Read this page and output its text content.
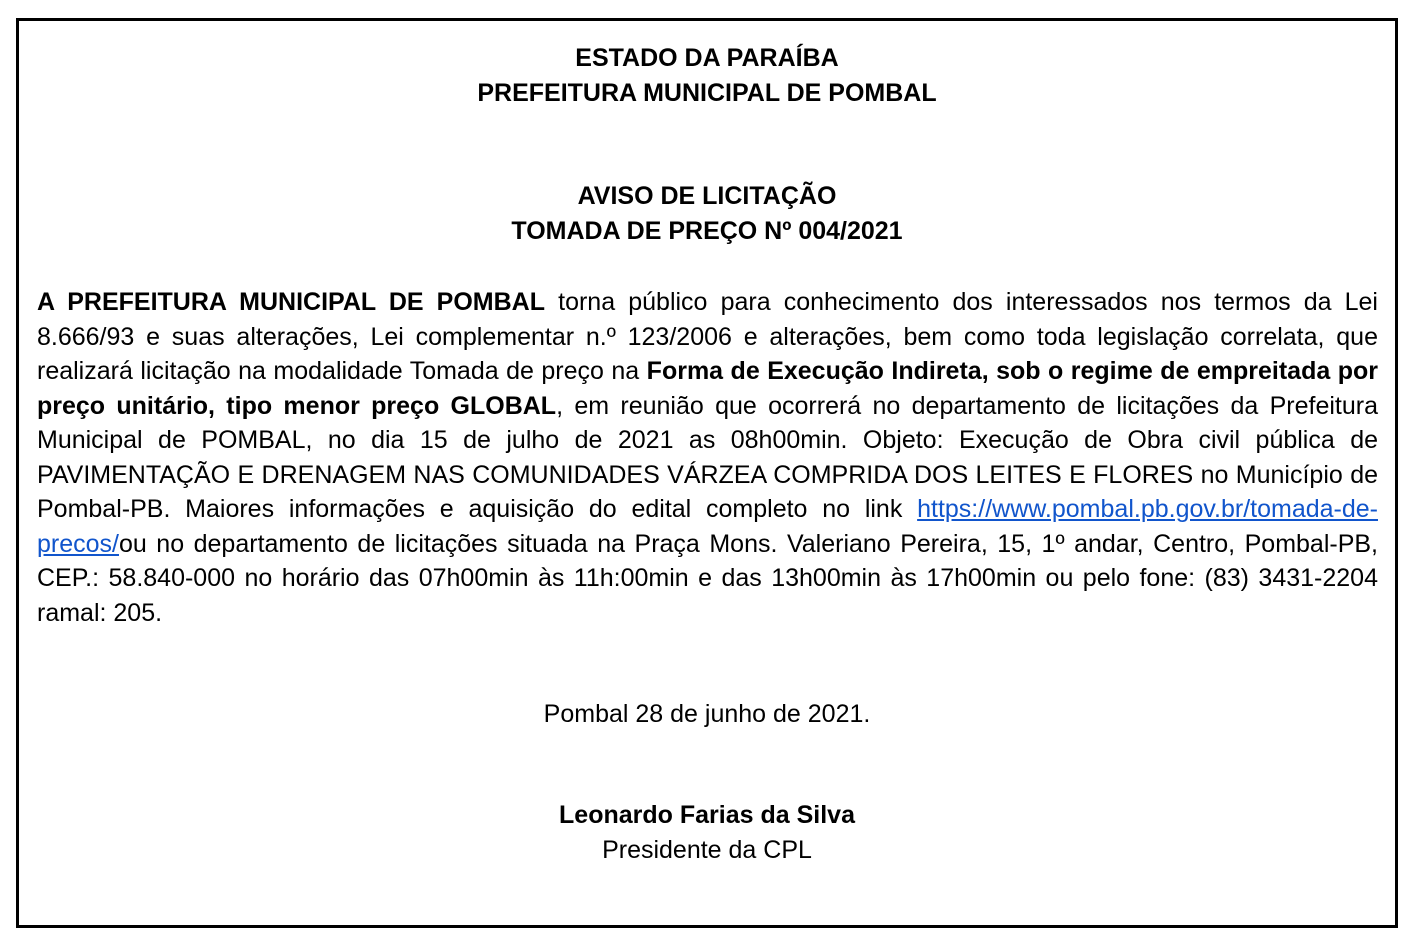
ESTADO DA PARAÍBA
PREFEITURA MUNICIPAL DE POMBAL
AVISO DE LICITAÇÃO
TOMADA DE PREÇO Nº 004/2021

A PREFEITURA MUNICIPAL DE POMBAL torna público para conhecimento dos interessados nos termos da Lei 8.666/93 e suas alterações, Lei complementar n.º 123/2006 e alterações, bem como toda legislação correlata, que realizará licitação na modalidade Tomada de preço na Forma de Execução Indireta, sob o regime de empreitada por preço unitário, tipo menor preço GLOBAL, em reunião que ocorrerá no departamento de licitações da Prefeitura Municipal de POMBAL, no dia 15 de julho de 2021 as 08h00min. Objeto: Execução de Obra civil pública de PAVIMENTAÇÃO E DRENAGEM NAS COMUNIDADES VÁRZEA COMPRIDA DOS LEITES E FLORES no Município de Pombal-PB. Maiores informações e aquisição do edital completo no link https://www.pombal.pb.gov.br/tomada-de-precos/ou no departamento de licitações situada na Praça Mons. Valeriano Pereira, 15, 1º andar, Centro, Pombal-PB, CEP.: 58.840-000 no horário das 07h00min às 11h:00min e das 13h00min às 17h00min ou pelo fone: (83) 3431-2204 ramal: 205.

Pombal 28 de junho de 2021.
Leonardo Farias da Silva
Presidente da CPL
